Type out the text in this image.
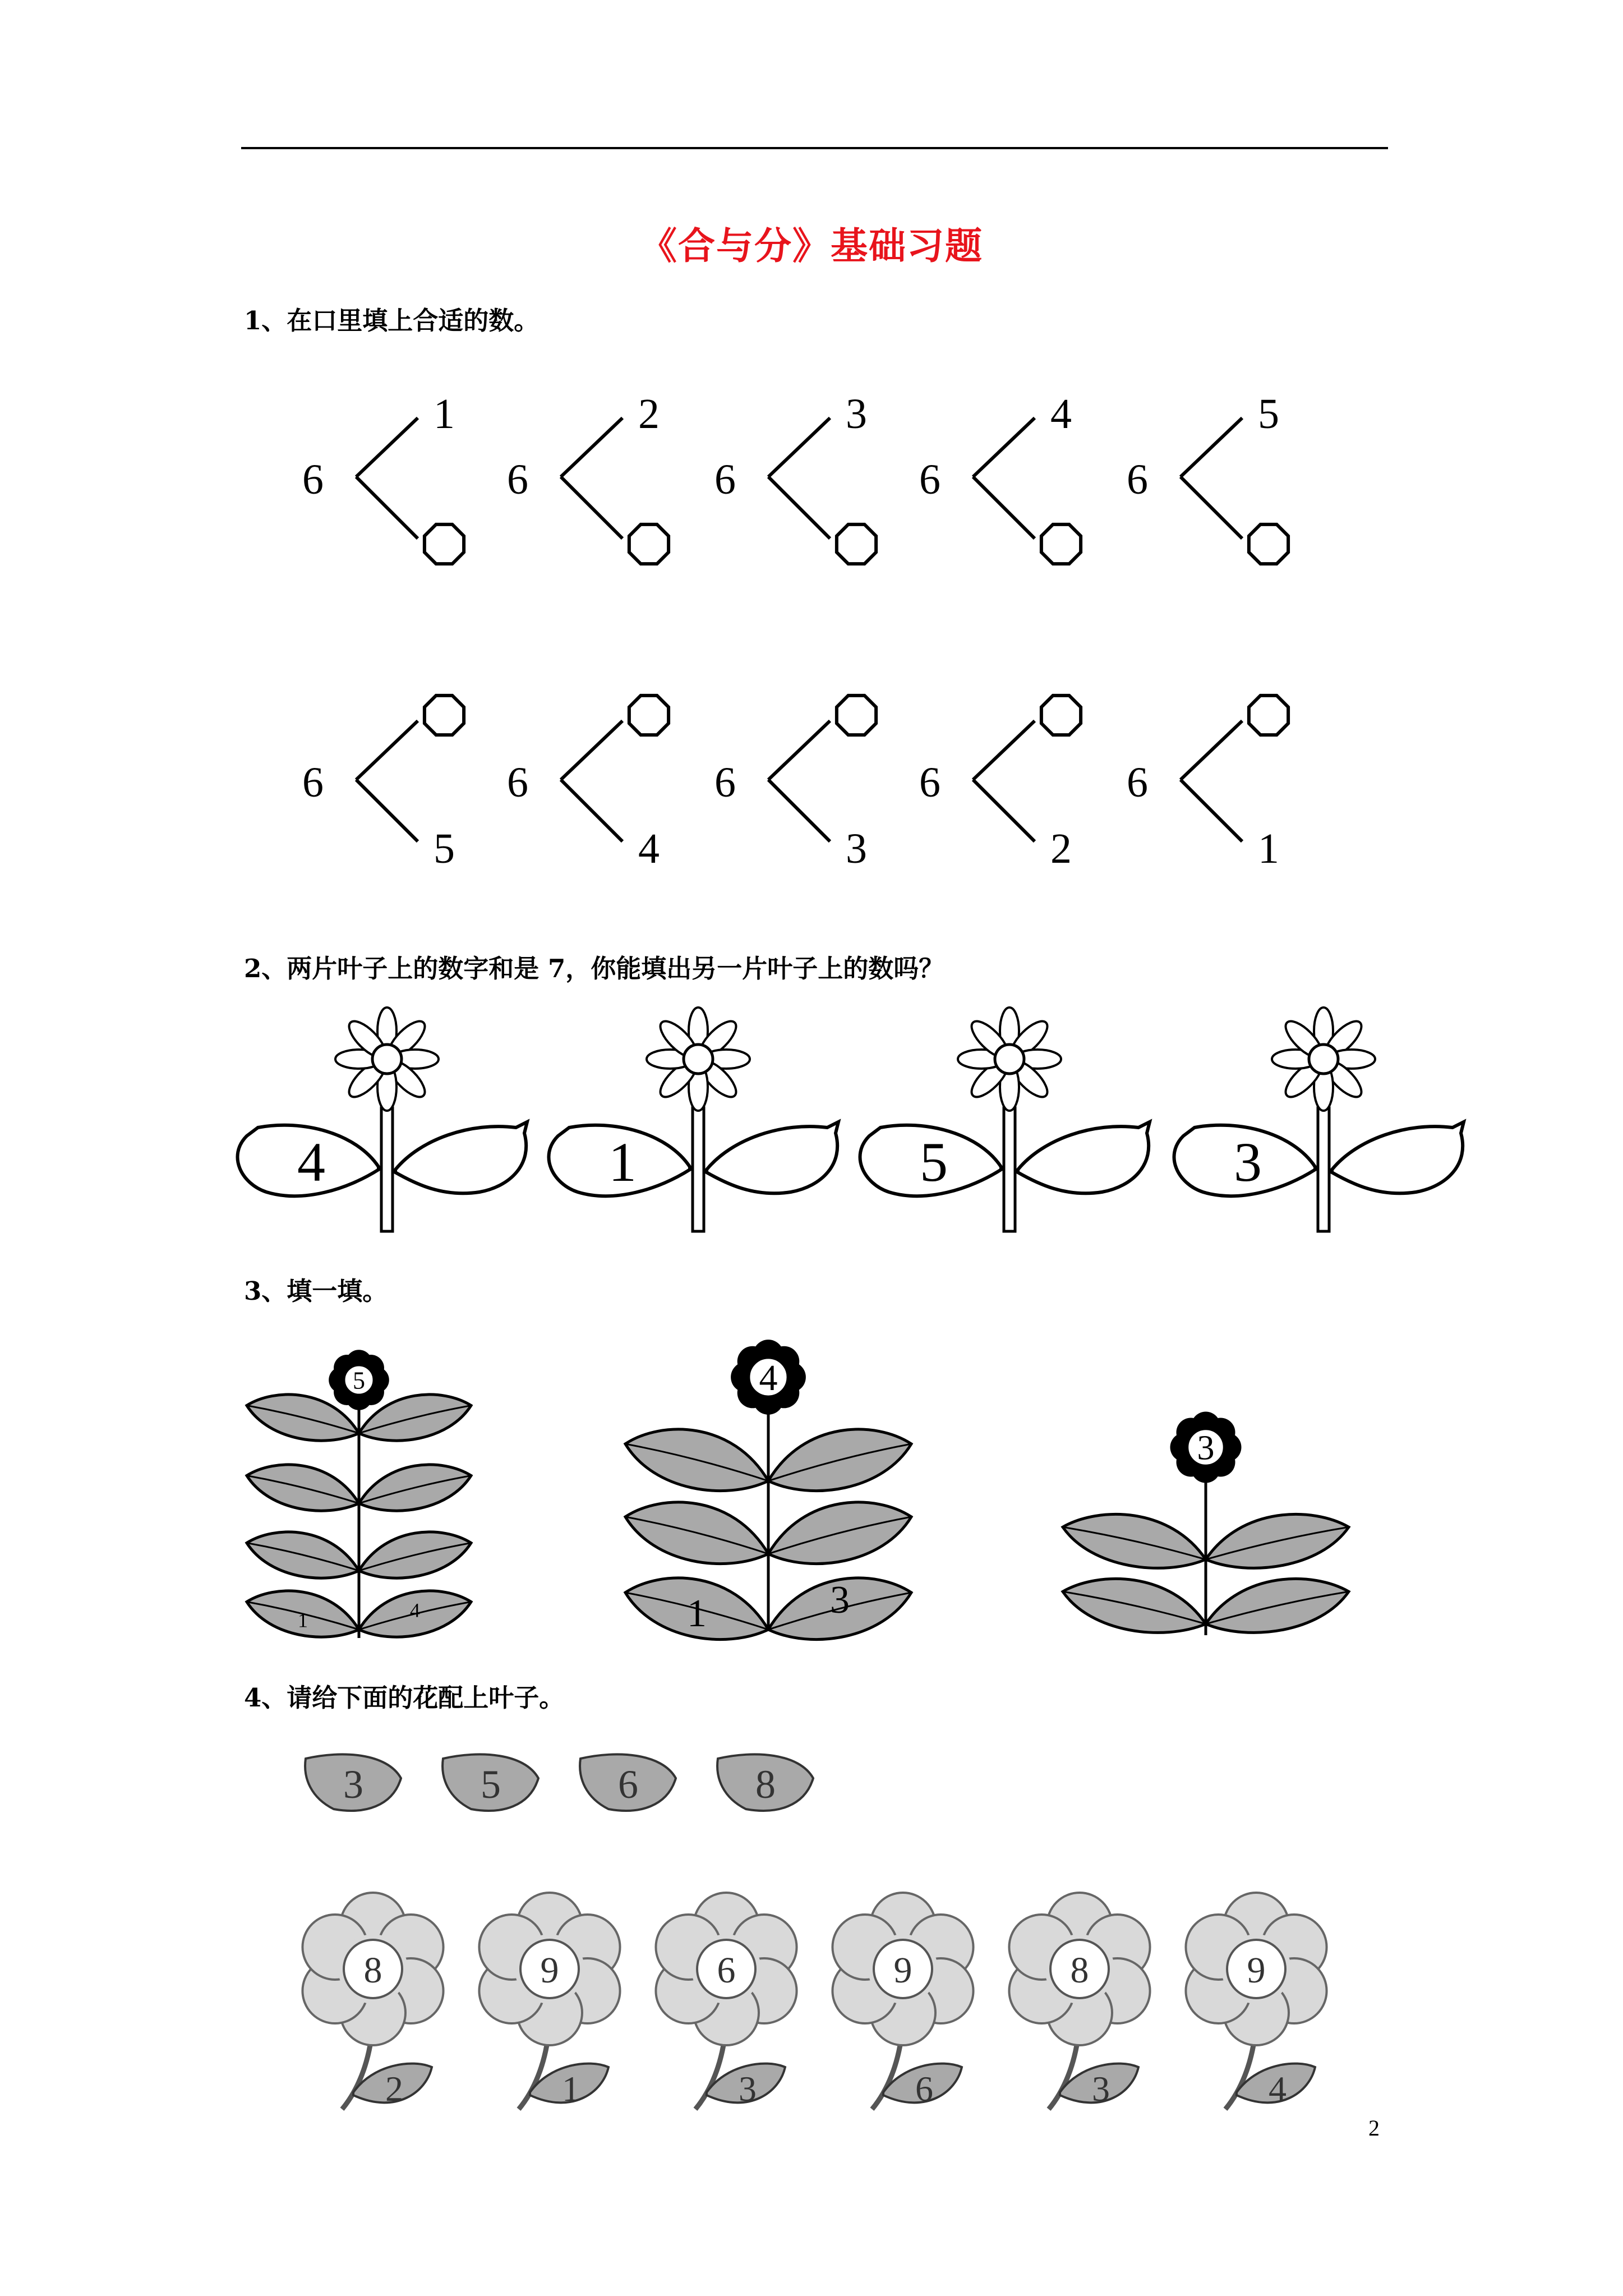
《合与分》基础习题
1、在口里填上合适的数。
2、两片叶子上的数字和是 7，你能填出另一片叶子上的数吗？
3、填一填。
4、请给下面的花配上叶子。
6
1
6
2
6
3
6
4
6
5
6
5
6
4
6
3
6
2
6
1
4	1	5	3
5
1	4
4
1	3
3
3	5	6	8
2
8
1
9
3
6
6
9
3
8
4
9
2
